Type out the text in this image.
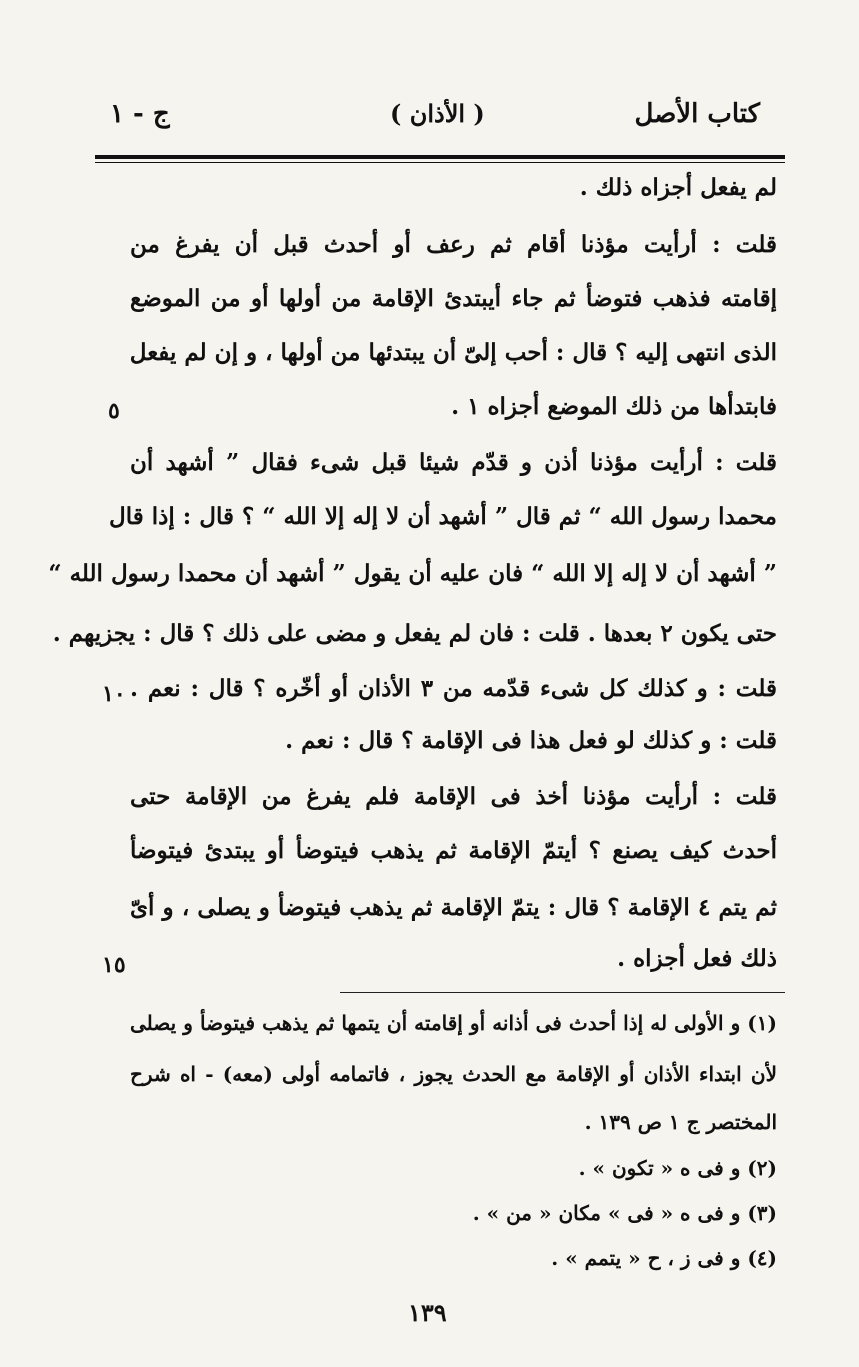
كتاب الأصل
( الأذان )
ج - ١
لم يفعل أجزاه ذلك .
قلت : أرأيت مؤذنا أقام ثم رعف أو أحدث قبل أن يفرغ من
إقامته فذهب فتوضأ ثم جاء أيبتدئ الإقامة من أولها أو من الموضع
الذى انتهى إليه ؟ قال : أحب إلىّ أن يبتدئها من أولها ، و إن لم يفعل
فابتدأها من ذلك الموضع أجزاه ١ .
قلت : أرأيت مؤذنا أذن و قدّم شيئا قبل شىء فقال ” أشهد أن
محمدا رسول الله “ ثم قال ” أشهد أن لا إله إلا الله “ ؟ قال : إذا قال
” أشهد أن لا إله إلا الله “ فان عليه أن يقول ” أشهد أن محمدا رسول الله “
حتى يكون ٢ بعدها . قلت : فان لم يفعل و مضى على ذلك ؟ قال : يجزيهم .
قلت : و كذلك كل شىء قدّمه من ٣ الأذان أو أخّره ؟ قال : نعم .
قلت : و كذلك لو فعل هذا فى الإقامة ؟ قال : نعم .
قلت : أرأيت مؤذنا أخذ فى الإقامة فلم يفرغ من الإقامة حتى
أحدث كيف يصنع ؟ أيتمّ الإقامة ثم يذهب فيتوضأ أو يبتدئ فيتوضأ
ثم يتم ٤ الإقامة ؟ قال : يتمّ الإقامة ثم يذهب فيتوضأ و يصلى ، و أىّ
ذلك فعل أجزاه .
٥
١٠
١٥
(١) و الأولى له إذا أحدث فى أذانه أو إقامته أن يتمها ثم يذهب فيتوضأ و يصلى
لأن ابتداء الأذان أو الإقامة مع الحدث يجوز ، فاتمامه أولى (معه) - اه شرح
المختصر ج ١ ص ١٣٩ .
(٢) و فى ه « تكون » .
(٣) و فى ه « فى » مكان « من » .
(٤) و فى ز ، ح « يتمم » .
١٣٩
